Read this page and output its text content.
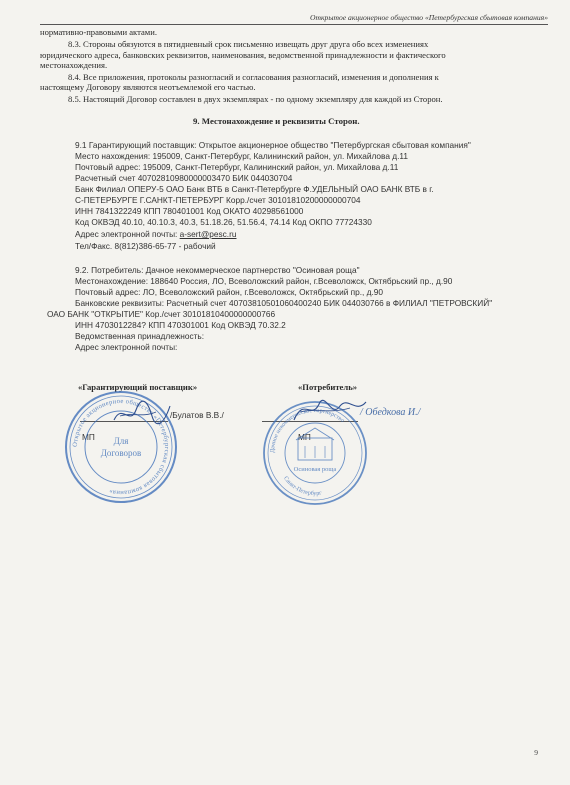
Открытое акционерное общество «Петербургская сбытовая компания»
нормативно-правовыми актами.
8.3. Стороны обязуются в пятидневный срок письменно извещать друг друга обо всех изменениях
юридического адреса, банковских реквизитов, наименования, ведомственной принадлежности и фактического
местонахождения.
8.4. Все приложения, протоколы разногласий и согласования разногласий, изменения и дополнения к
настоящему Договору являются неотъемлемой его частью.
8.5. Настоящий Договор составлен в двух экземплярах - по одному экземпляру для каждой из Сторон.
9. Местонахождение и реквизиты Сторон.
9.1 Гарантирующий поставщик: Открытое акционерное общество "Петербургская сбытовая компания"
Место нахождения: 195009, Санкт-Петербург, Калининский район, ул. Михайлова д.11
Почтовый адрес: 195009, Санкт-Петербург, Калининский район, ул. Михайлова д.11
Расчетный счет 40702810980000003470 БИК 044030704
Банк Филиал ОПЕРУ-5 ОАО Банк ВТБ в Санкт-Петербурге Ф.УДЕЛЬНЫЙ ОАО БАНК ВТБ в г.
С-ПЕТЕРБУРГЕ Г.САНКТ-ПЕТЕРБУРГ Корр./счет 30101810200000000704
ИНН 7841322249 КПП 780401001 Код ОКАТО 40298561000
Код ОКВЭД 40.10, 40.10.3, 40.3, 51.18.26, 51.56.4, 74.14 Код ОКПО 77724330
Адрес электронной почты: a-sert@pesc.ru
Тел/Факс. 8(812)386-65-77 - рабочий
9.2. Потребитель: Дачное некоммерческое партнерство "Осиновая роща"
Местонахождение: 188640 Россия, ЛО, Всеволожский район, г.Всеволожск, Октябрьский пр., д.90
Почтовый адрес: ЛО, Всеволожский район, г.Всеволожск, Октябрьский пр., д.90
Банковские реквизиты: Расчетный счет 40703810501060400240 БИК 044030766 в ФИЛИАЛ "ПЕТРОВСКИЙ"
ОАО БАНК "ОТКРЫТИЕ" Кор./счет 30101810400000000766
ИНН 4703012284? КПП 470301001 Код ОКВЭД 70.32.2
Ведомственная принадлежность:
Адрес электронной почты:
«Гарантирующий поставщик»	«Потребитель»
/Булатов В.В./
МП
/ Обедкова И./
МП
Открытое акционерное общество «Петербургская сбытовая компания»
Для
Договоров	Дачное некоммерческое партнерство
Санкт-Петербург
Осиновая роща
9
